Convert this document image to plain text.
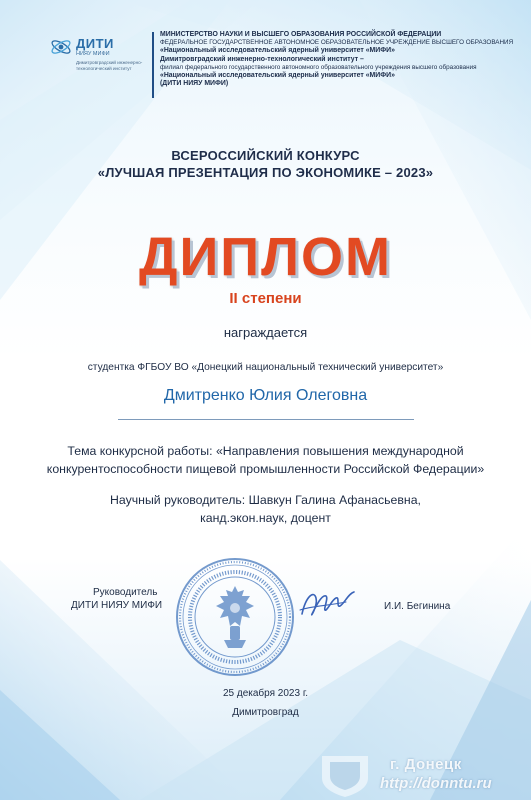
ДИТИ
НИЯУ МИФИ
Димитровградский инженерно-технологический институт
МИНИСТЕРСТВО НАУКИ И ВЫСШЕГО ОБРАЗОВАНИЯ РОССИЙСКОЙ ФЕДЕРАЦИИ
ФЕДЕРАЛЬНОЕ ГОСУДАРСТВЕННОЕ АВТОНОМНОЕ ОБРАЗОВАТЕЛЬНОЕ УЧРЕЖДЕНИЕ ВЫСШЕГО ОБРАЗОВАНИЯ
«Национальный исследовательский ядерный университет «МИФИ»
Димитровградский инженерно-технологический институт –
филиал федерального государственного автономного образовательного учреждения высшего образования
«Национальный исследовательский ядерный университет «МИФИ»
(ДИТИ НИЯУ МИФИ)
ВСЕРОССИЙСКИЙ КОНКУРС
«ЛУЧШАЯ ПРЕЗЕНТАЦИЯ ПО ЭКОНОМИКЕ – 2023»
ДИПЛОМ
II степени
награждается
студентка ФГБОУ ВО «Донецкий национальный технический университет»
Дмитренко Юлия Олеговна
Тема конкурсной работы: «Направления повышения международной
конкурентоспособности пищевой промышленности Российской Федерации»
Научный руководитель: Шавкун Галина Афанасьевна,
канд.экон.наук, доцент
Руководитель
ДИТИ НИЯУ МИФИ	И.И. Бегинина
25 декабря 2023 г.
Димитровград
г. Донецк
http://donntu.ru
